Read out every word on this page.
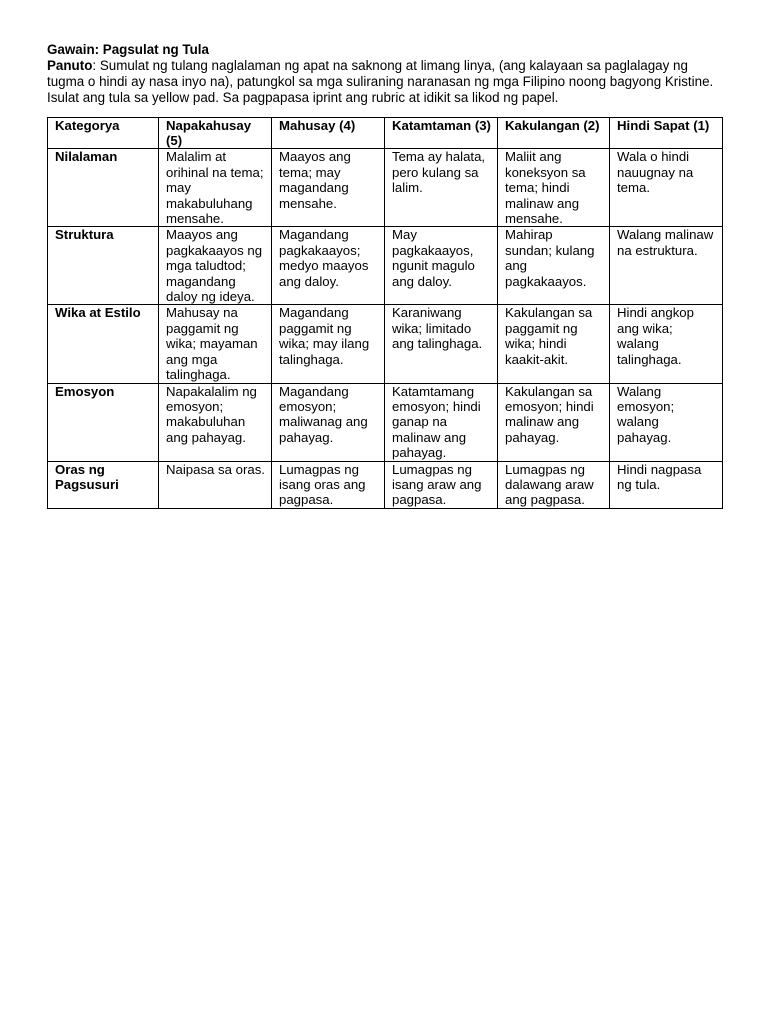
Gawain: Pagsulat ng Tula

Panuto: Sumulat ng tulang naglalaman ng apat na saknong at limang linya, (ang kalayaan sa paglalagay ng tugma o hindi ay nasa inyo na), patungkol sa mga suliraning naranasan ng mga Filipino noong bagyong Kristine. Isulat ang tula sa yellow pad. Sa pagpapasa iprint ang rubric at idikit sa likod ng papel.

Kategorya	Napakahusay (5)	Mahusay (4)	Katamtaman (3)	Kakulangan (2)	Hindi Sapat (1)
Nilalaman	Malalim at orihinal na tema; may makabuluhang mensahe.	Maayos ang tema; may magandang mensahe.	Tema ay halata, pero kulang sa lalim.	Maliit ang koneksyon sa tema; hindi malinaw ang mensahe.	Wala o hindi nauugnay na tema.
Struktura	Maayos ang pagkakaayos ng mga taludtod; magandang daloy ng ideya.	Magandang pagkakaayos; medyo maayos ang daloy.	May pagkakaayos, ngunit magulo ang daloy.	Mahirap sundan; kulang ang pagkakaayos.	Walang malinaw na estruktura.
Wika at Estilo	Mahusay na paggamit ng wika; mayaman ang mga talinghaga.	Magandang paggamit ng wika; may ilang talinghaga.	Karaniwang wika; limitado ang talinghaga.	Kakulangan sa paggamit ng wika; hindi kaakit-akit.	Hindi angkop ang wika; walang talinghaga.
Emosyon	Napakalalim ng emosyon; makabuluhan ang pahayag.	Magandang emosyon; maliwanag ang pahayag.	Katamtamang emosyon; hindi ganap na malinaw ang pahayag.	Kakulangan sa emosyon; hindi malinaw ang pahayag.	Walang emosyon; walang pahayag.
Oras ng Pagsusuri	Naipasa sa oras.	Lumagpas ng isang oras ang pagpasa.	Lumagpas ng isang araw ang pagpasa.	Lumagpas ng dalawang araw ang pagpasa.	Hindi nagpasa ng tula.
